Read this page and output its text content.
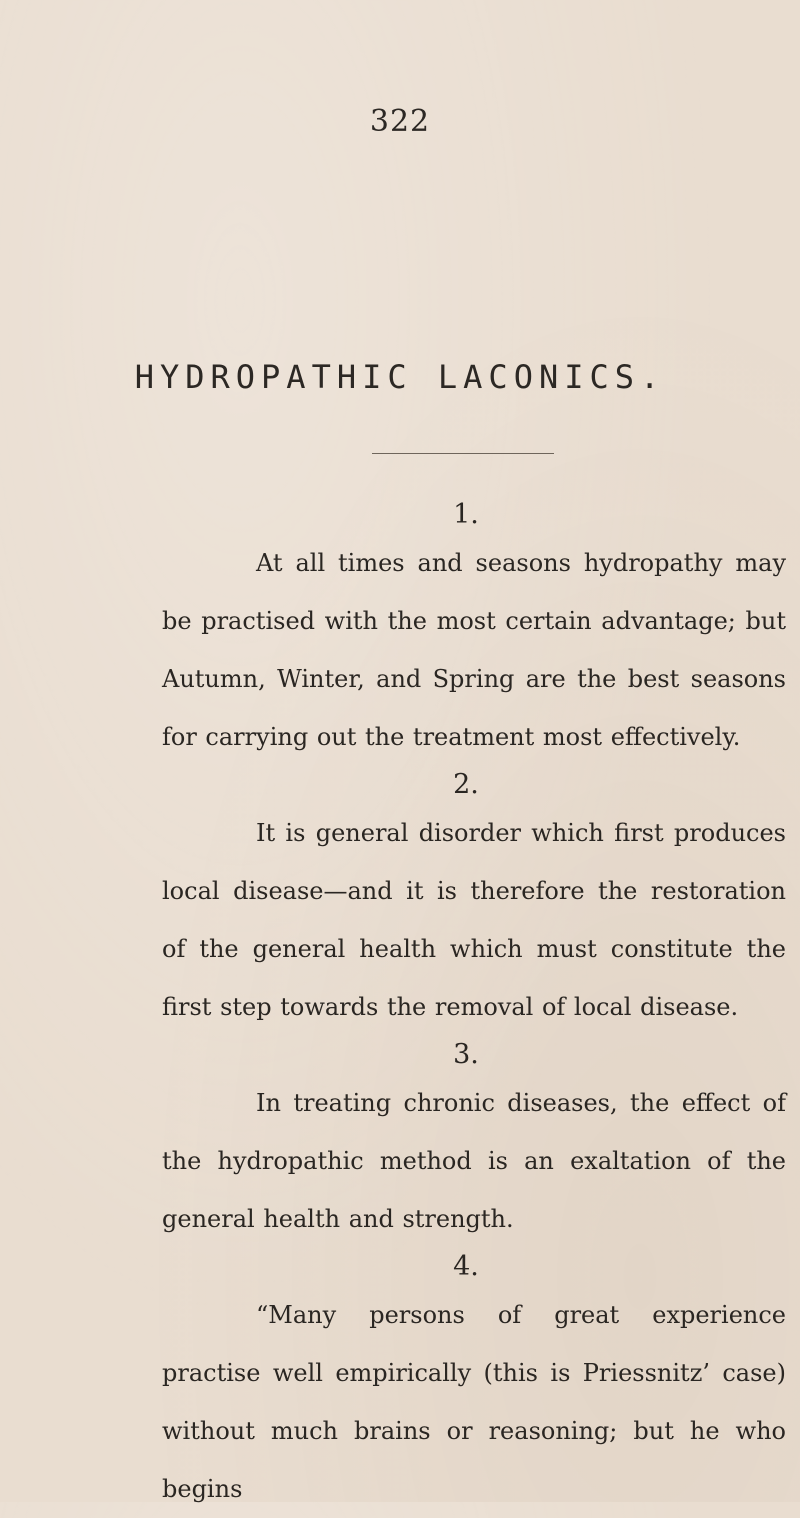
322
HYDROPATHIC LACONICS.
1.

At all times and seasons hydropathy may be practised with the most certain advantage; but Autumn, Winter, and Spring are the best seasons for carrying out the treatment most effectively.

2.

It is general disorder which first produces local disease—and it is therefore the restoration of the general health which must constitute the first step towards the removal of local disease.

3.

In treating chronic diseases, the effect of the hydropathic method is an exaltation of the general health and strength.

4.

“Many persons of great experience practise well empirically (this is Priessnitz’ case) without much brains or reasoning; but he who begins
